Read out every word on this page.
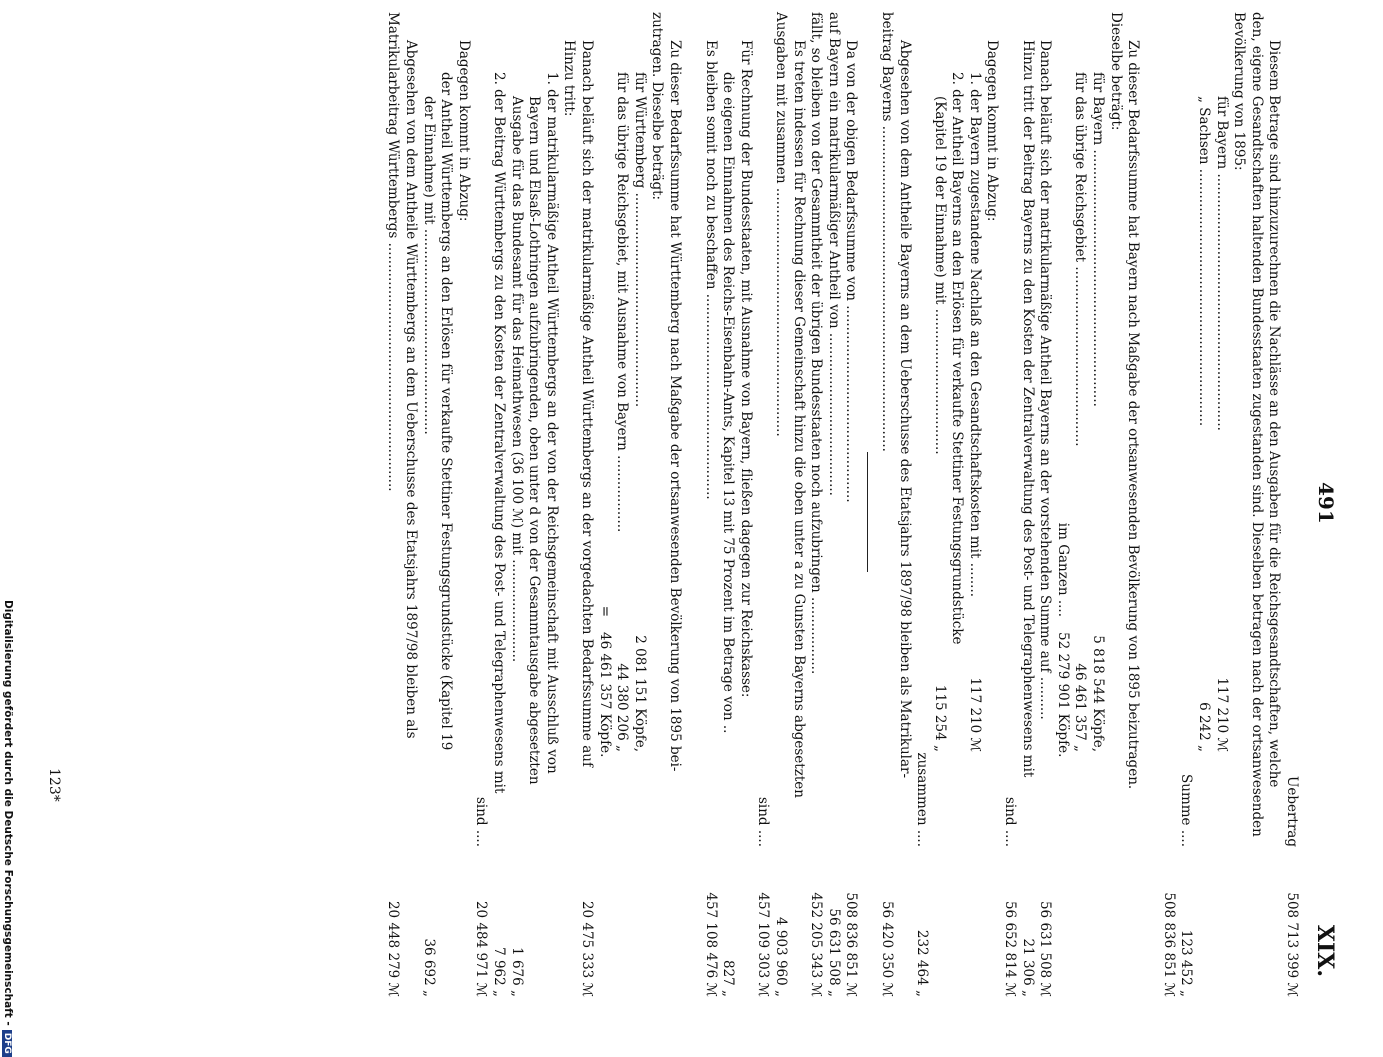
491
XIX.
Uebertrag
508 713 399 ℳ
Diesem Betrage sind hinzuzurechnen die Nachlässe an den Ausgaben für die Reichsgesandtschaften, welche
den, eigene Gesandtschaften haltenden Bundesstaaten zugestanden sind. Dieselben betragen nach der ortsanwesenden
Bevölkerung von 1895:
für Bayern ............................................................
117 210 ℳ
„ Sachsen ............................................................
6 242 „
Summe ....
123 452 „
508 836 851 ℳ
Zu dieser Bedarfssumme hat Bayern nach Maßgabe der ortsanwesenden Bevölkerung von 1895 beizutragen.
Dieselbe beträgt:
für Bayern ............................................................
5 818 544 Köpfe,
für das übrige Reichsgebiet ..........................................
46 461 357 „
im Ganzen ....
52 279 901 Köpfe.
Danach beläuft sich der matrikularmäßige Antheil Bayerns an der vorstehenden Summe auf ..........
56 631 508 ℳ
Hinzu tritt der Beitrag Bayerns zu den Kosten der Zentralverwaltung des Post- und Telegraphenwesens mit
21 306 „
sind ....
56 652 814 ℳ
Dagegen kommt in Abzug:
1. der Bayern zugestandene Nachlaß an den Gesandtschaftskosten mit ........
117 210 ℳ
2. der Antheil Bayerns an den Erlösen für verkaufte Stettiner Festungsgrundstücke
(Kapitel 19 der Einnahme) mit ..................................
115 254 „
zusammen ....
232 464 „
Abgesehen von dem Antheile Bayerns an dem Ueberschusse des Etatsjahrs 1897/98 bleiben als Matrikular-
beitrag Bayerns ............................................................................
56 420 350 ℳ
Da von der obigen Bedarfssumme von ..............................................
508 836 851 ℳ
auf Bayern ein matrikularmäßiger Antheil von ......................................
56 631 508 „
fällt, so bleiben von der Gesammtheit der übrigen Bundesstaaten noch aufzubringen ..................
452 205 343 ℳ
Es treten indessen für Rechnung dieser Gemeinschaft hinzu die oben unter a zu Gunsten Bayerns abgesetzten
Ausgaben mit zusammen ..........................................................
4 903 960 „
sind ....
457 109 303 ℳ
Für Rechnung der Bundesstaaten, mit Ausnahme von Bayern, fließen dagegen zur Reichskasse:
die eigenen Einnahmen des Reichs-Eisenbahn-Amts, Kapitel 13 mit 75 Prozent im Betrage von ..
827 „
Es bleiben somit noch zu beschaffen ................................................
457 108 476 ℳ
Zu dieser Bedarfssumme hat Württemberg nach Maßgabe der ortsanwesenden Bevölkerung von 1895 bei-
zutragen. Dieselbe beträgt:
für Württemberg ..................................................
2 081 151 Köpfe,
für das übrige Reichsgebiet, mit Ausnahme von Bayern ..................
44 380 206 „
=
46 461 357 Köpfe.
Danach beläuft sich der matrikularmäßige Antheil Württembergs an der vorgedachten Bedarfssumme auf
20 475 333 ℳ
Hinzu tritt:
1. der matrikularmäßige Antheil Württembergs an der von der Reichsgemeinschaft mit Ausschluß von
Bayern und Elsaß-Lothringen aufzubringenden, oben unter d von der Gesammtausgabe abgesetzten
Ausgabe für das Bundesamt für das Heimathwesen (36 100 ℳ) mit ........................
1 676 „
2. der Beitrag Württembergs zu den Kosten der Zentralverwaltung des Post- und Telegraphenwesens mit
7 962 „
sind ....
20 484 971 ℳ
Dagegen kommt in Abzug:
der Antheil Württembergs an den Erlösen für verkaufte Stettiner Festungsgrundstücke (Kapitel 19
der Einnahme) mit ................................................
36 692 „
Abgesehen von dem Antheile Württembergs an dem Ueberschusse des Etatsjahrs 1897/98 bleiben als
Matrikularbeitrag Württembergs ..........................................................
20 448 279 ℳ
Digitalisierung gefördert durch die Deutsche Forschungsgemeinschaft -DFG
123*
